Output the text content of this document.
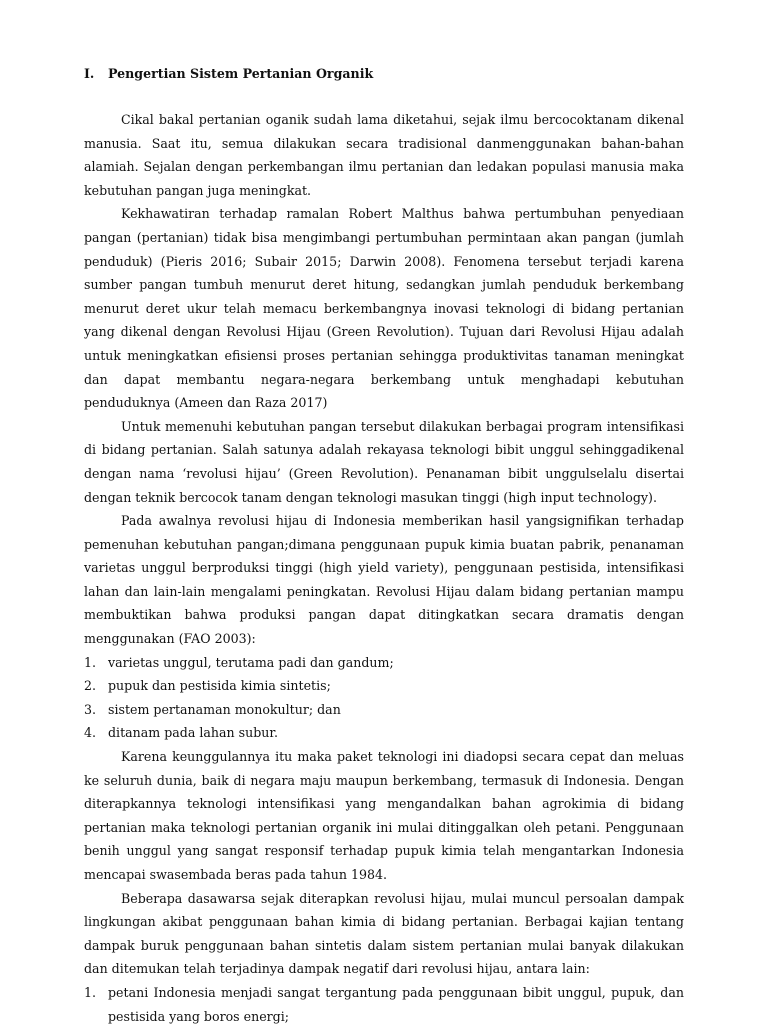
I.	Pengertian Sistem Pertanian Organik

Cikal bakal pertanian oganik sudah lama diketahui, sejak ilmu bercocoktanam dikenal manusia. Saat itu, semua dilakukan secara tradisional danmenggunakan bahan-bahan alamiah. Sejalan dengan perkembangan ilmu pertanian dan ledakan populasi manusia maka kebutuhan pangan juga meningkat.

Kekhawatiran terhadap ramalan Robert Malthus bahwa pertumbuhan penyediaan pangan (pertanian) tidak bisa mengimbangi pertumbuhan permintaan akan pangan (jumlah penduduk) (Pieris 2016; Subair 2015; Darwin 2008). Fenomena tersebut terjadi karena sumber pangan tumbuh menurut deret hitung, sedangkan jumlah penduduk berkembang menurut deret ukur telah memacu berkembangnya inovasi teknologi di bidang pertanian yang dikenal dengan Revolusi Hijau (Green Revolution). Tujuan dari Revolusi Hijau adalah untuk meningkatkan efisiensi proses pertanian sehingga produktivitas tanaman meningkat dan dapat membantu negara-negara berkembang untuk menghadapi kebutuhan penduduknya (Ameen dan Raza 2017)

Untuk memenuhi kebutuhan pangan tersebut dilakukan berbagai program intensifikasi di bidang pertanian. Salah satunya adalah rekayasa teknologi bibit unggul sehinggadikenal dengan nama ‘revolusi hijau’ (Green Revolution). Penanaman bibit unggulselalu disertai dengan teknik bercocok tanam dengan teknologi masukan tinggi (high input technology).

Pada awalnya revolusi hijau di Indonesia memberikan hasil yangsignifikan terhadap pemenuhan kebutuhan pangan;dimana penggunaan pupuk kimia buatan pabrik, penanaman varietas unggul berproduksi tinggi (high yield variety), penggunaan pestisida, intensifikasi lahan dan lain-lain mengalami peningkatan. Revolusi Hijau dalam bidang pertanian mampu membuktikan bahwa produksi pangan dapat ditingkatkan secara dramatis dengan menggunakan (FAO 2003):

1. varietas unggul, terutama padi dan gandum;
2. pupuk dan pestisida kimia sintetis;
3. sistem pertanaman monokultur; dan
4. ditanam pada lahan subur.

Karena keunggulannya itu maka paket teknologi ini diadopsi secara cepat dan meluas ke seluruh dunia, baik di negara maju maupun berkembang, termasuk di Indonesia. Dengan diterapkannya teknologi intensifikasi yang mengandalkan bahan agrokimia di bidang pertanian maka teknologi pertanian organik ini mulai ditinggalkan oleh petani. Penggunaan benih unggul yang sangat responsif terhadap pupuk kimia telah mengantarkan Indonesia mencapai swasembada beras pada tahun 1984.

Beberapa dasawarsa sejak diterapkan revolusi hijau, mulai muncul persoalan dampak lingkungan akibat penggunaan bahan kimia di bidang pertanian. Berbagai kajian tentang dampak buruk penggunaan bahan sintetis dalam sistem pertanian mulai banyak dilakukan dan ditemukan telah terjadinya dampak negatif dari revolusi hijau, antara lain:

1. petani Indonesia menjadi sangat tergantung pada penggunaan bibit unggul, pupuk, dan pestisida yang boros energi;
